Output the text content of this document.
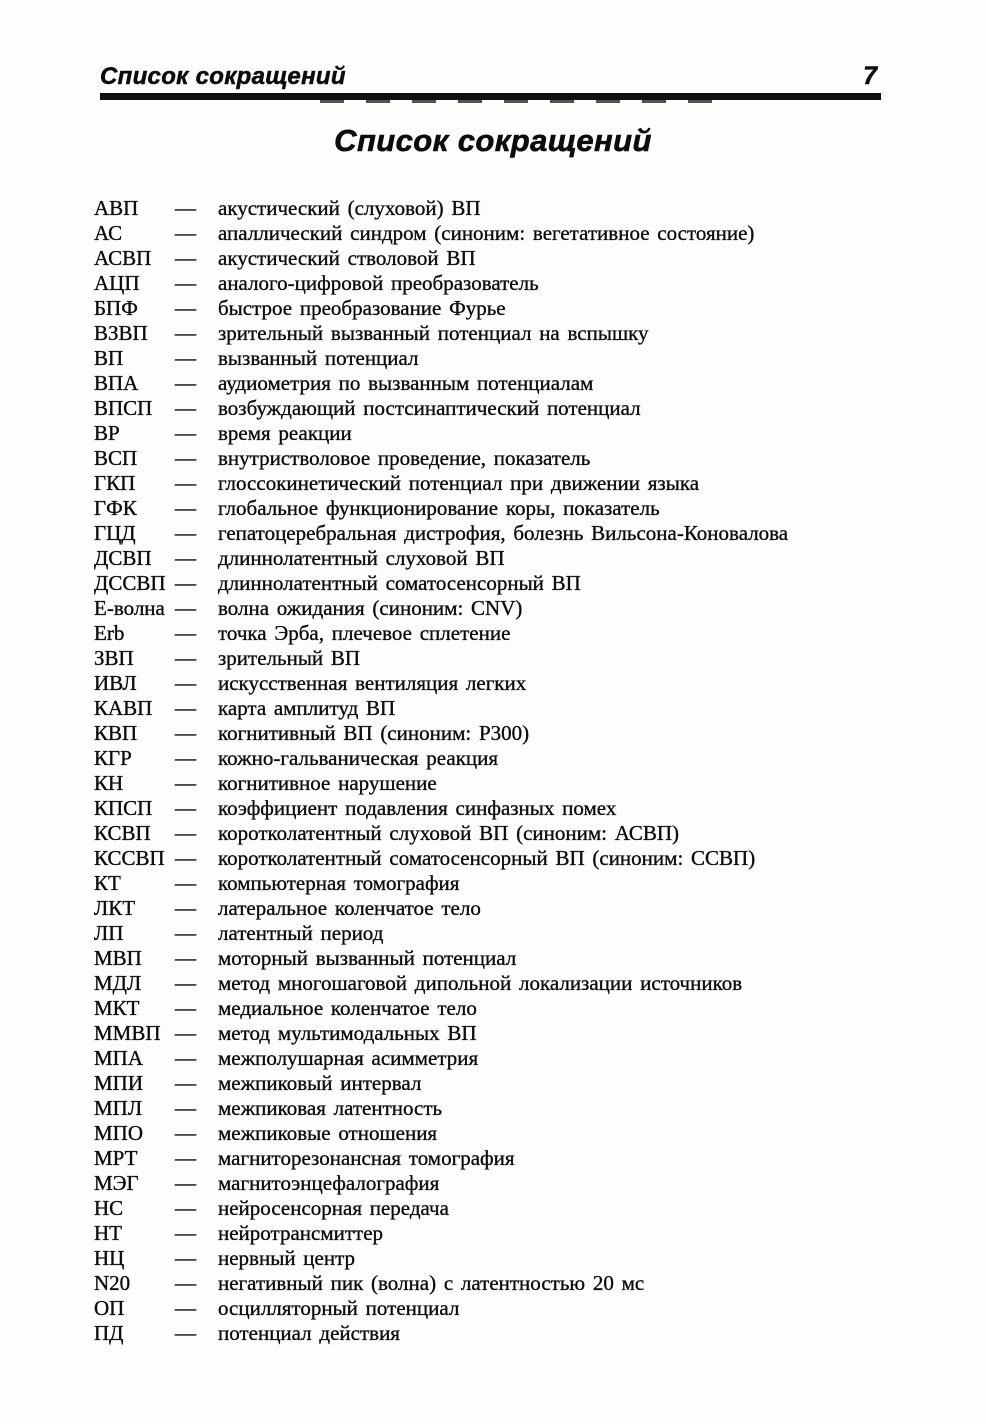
Список сокращений	7
Список сокращений
АВП	—	акустический (слуховой) ВП
АС	—	апаллический синдром (синоним: вегетативное состояние)
АСВП	—	акустический стволовой ВП
АЦП	—	аналого-цифровой преобразователь
БПФ	—	быстрое преобразование Фурье
ВЗВП	—	зрительный вызванный потенциал на вспышку
ВП	—	вызванный потенциал
ВПА	—	аудиометрия по вызванным потенциалам
ВПСП	—	возбуждающий постсинаптический потенциал
ВР	—	время реакции
ВСП	—	внутристволовое проведение, показатель
ГКП	—	глоссокинетический потенциал при движении языка
ГФК	—	глобальное функционирование коры, показатель
ГЦД	—	гепатоцеребральная дистрофия, болезнь Вильсона-Коновалова
ДСВП	—	длиннолатентный слуховой ВП
ДССВП —	длиннолатентный соматосенсорный ВП
Е-волна —	волна ожидания (синоним: CNV)
Erb	—	точка Эрба, плечевое сплетение
ЗВП	—	зрительный ВП
ИВЛ	—	искусственная вентиляция легких
КАВП	—	карта амплитуд ВП
КВП	—	когнитивный ВП (синоним: P300)
КГР	—	кожно-гальваническая реакция
КН	—	когнитивное нарушение
КПСП	—	коэффициент подавления синфазных помех
КСВП	—	коротколатентный слуховой ВП (синоним: АСВП)
КССВП —	коротколатентный соматосенсорный ВП (синоним: ССВП)
КТ	—	компьютерная томография
ЛКТ	—	латеральное коленчатое тело
ЛП	—	латентный период
МВП	—	моторный вызванный потенциал
МДЛ	—	метод многошаговой дипольной локализации источников
МКТ	—	медиальное коленчатое тело
ММВП —	метод мультимодальных ВП
МПА	—	межполушарная асимметрия
МПИ	—	межпиковый интервал
МПЛ	—	межпиковая латентность
МПО	—	межпиковые отношения
МРТ	—	магниторезонансная томография
МЭГ	—	магнитоэнцефалография
НС	—	нейросенсорная передача
НТ	—	нейротрансмиттер
НЦ	—	нервный центр
N20	—	негативный пик (волна) с латентностью 20 мс
ОП	—	осцилляторный потенциал
ПД	—	потенциал действия
